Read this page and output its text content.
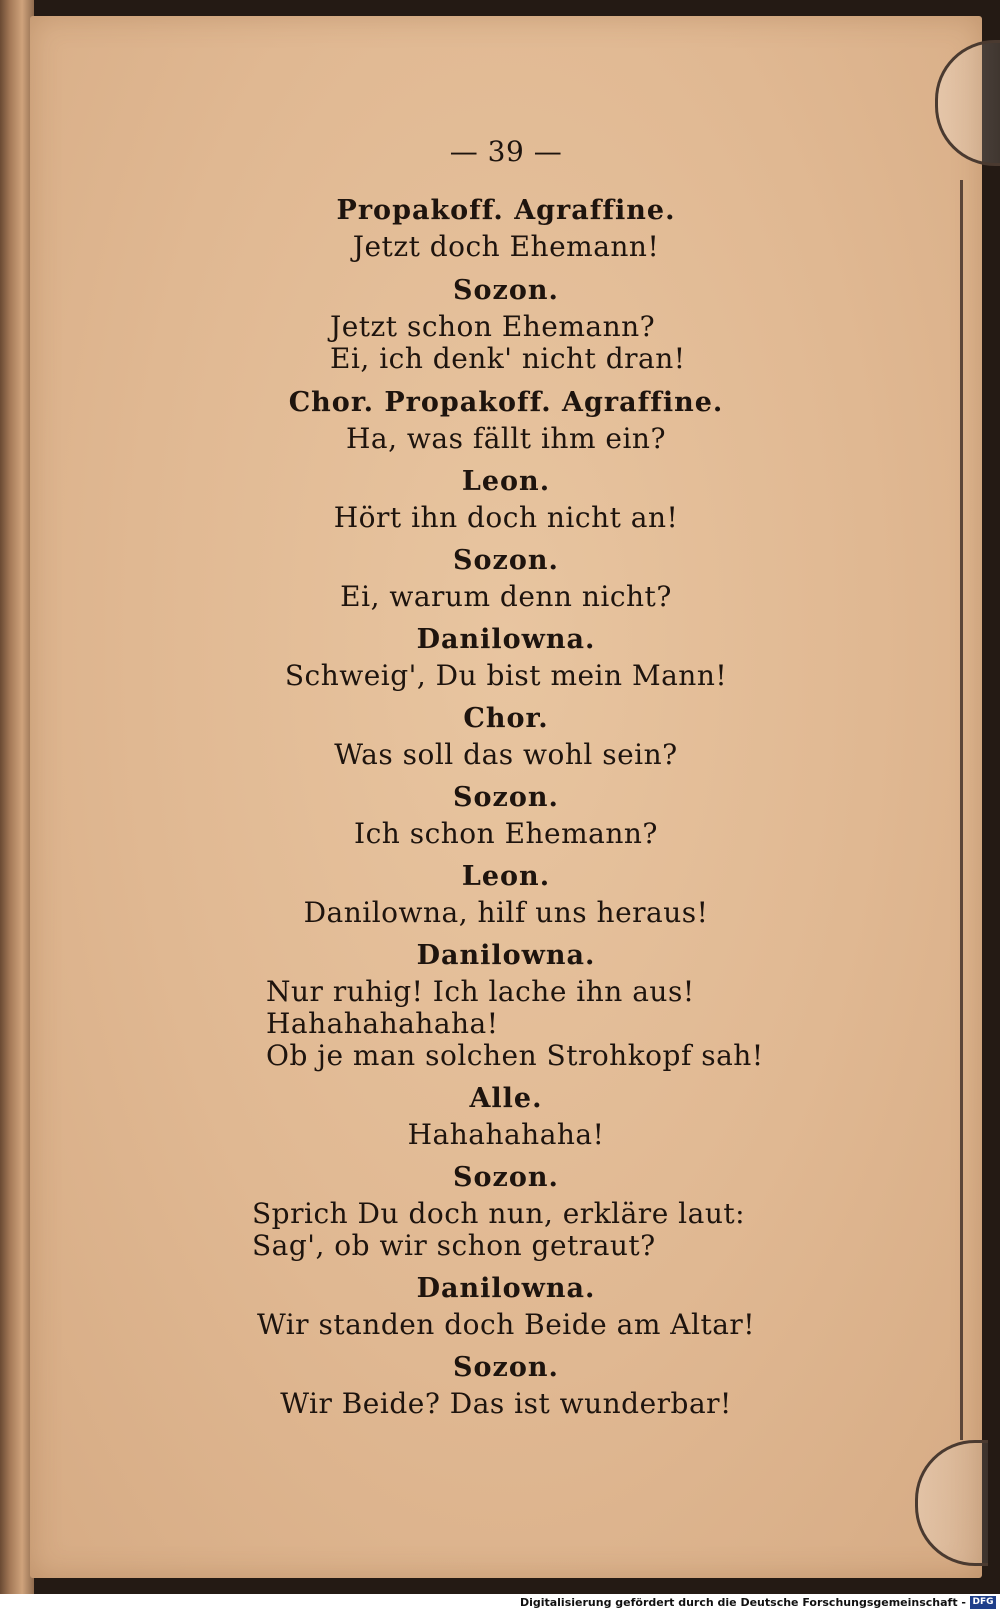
— 39 —
Propakoff. Agraffine.
Jetzt doch Ehemann!
Sozon.
Jetzt schon Ehemann?
Ei, ich denk' nicht dran!
Chor. Propakoff. Agraffine.
Ha, was fällt ihm ein?
Leon.
Hört ihn doch nicht an!
Sozon.
Ei, warum denn nicht?
Danilowna.
Schweig', Du bist mein Mann!
Chor.
Was soll das wohl sein?
Sozon.
Ich schon Ehemann?
Leon.
Danilowna, hilf uns heraus!
Danilowna.
Nur ruhig! Ich lache ihn aus!
Hahahahahaha!
Ob je man solchen Strohkopf sah!
Alle.
Hahahahaha!
Sozon.
Sprich Du doch nun, erkläre laut:
Sag', ob wir schon getraut?
Danilowna.
Wir standen doch Beide am Altar!
Sozon.
Wir Beide? Das ist wunderbar!
Digitalisierung gefördert durch die Deutsche Forschungsgemeinschaft - DFG
